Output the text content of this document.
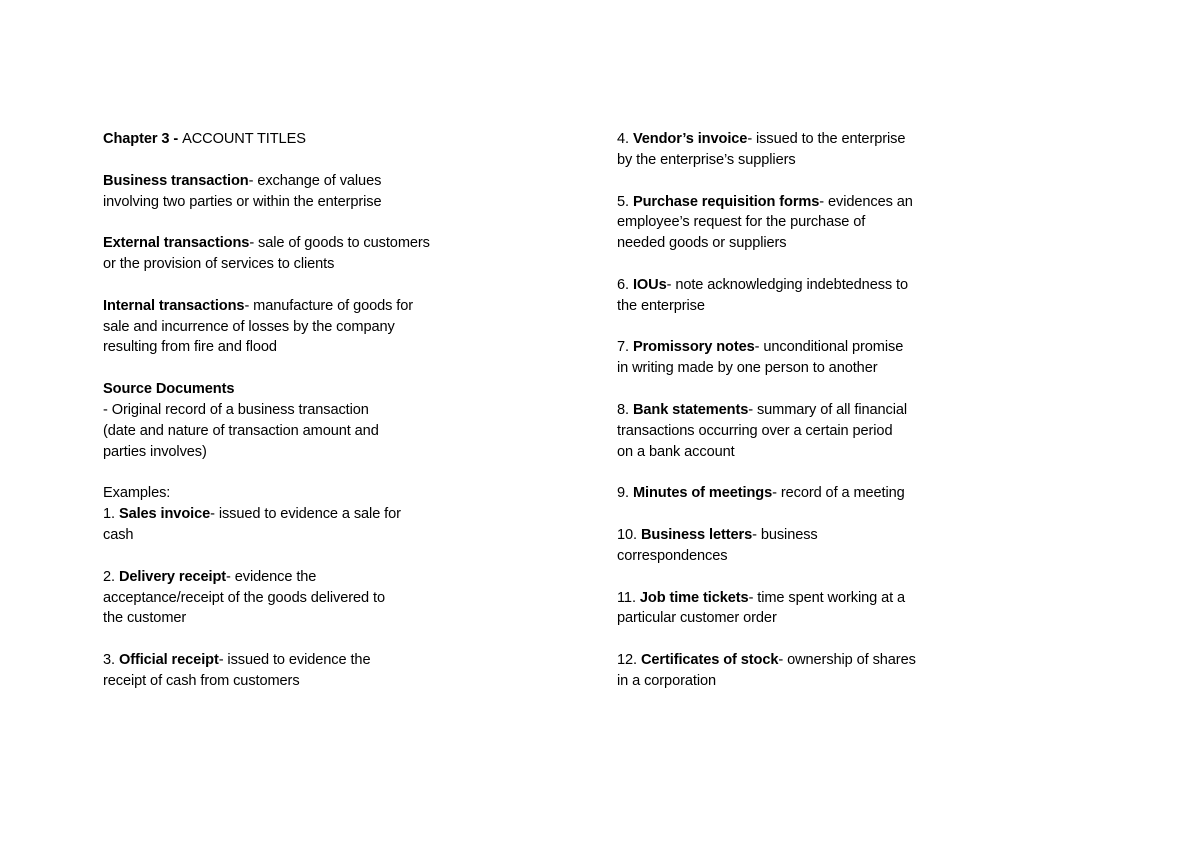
Chapter 3 - ACCOUNT TITLES
Business transaction- exchange of values
involving two parties or within the enterprise
External transactions- sale of goods to customers
or the provision of services to clients
Internal transactions- manufacture of goods for
sale and incurrence of losses by the company
resulting from fire and flood
Source Documents
- Original record of a business transaction
(date and nature of transaction amount and
parties involves)
Examples:
1. Sales invoice- issued to evidence a sale for
cash
2. Delivery receipt- evidence the
acceptance/receipt of the goods delivered to
the customer
3. Official receipt- issued to evidence the
receipt of cash from customers
4. Vendor’s invoice- issued to the enterprise
by the enterprise’s suppliers
5. Purchase requisition forms- evidences an
employee’s request for the purchase of
needed goods or suppliers
6. IOUs- note acknowledging indebtedness to
the enterprise
7. Promissory notes- unconditional promise
in writing made by one person to another
8. Bank statements- summary of all financial
transactions occurring over a certain period
on a bank account
9. Minutes of meetings- record of a meeting
10. Business letters- business
correspondences
11. Job time tickets- time spent working at a
particular customer order
12. Certificates of stock- ownership of shares
in a corporation
